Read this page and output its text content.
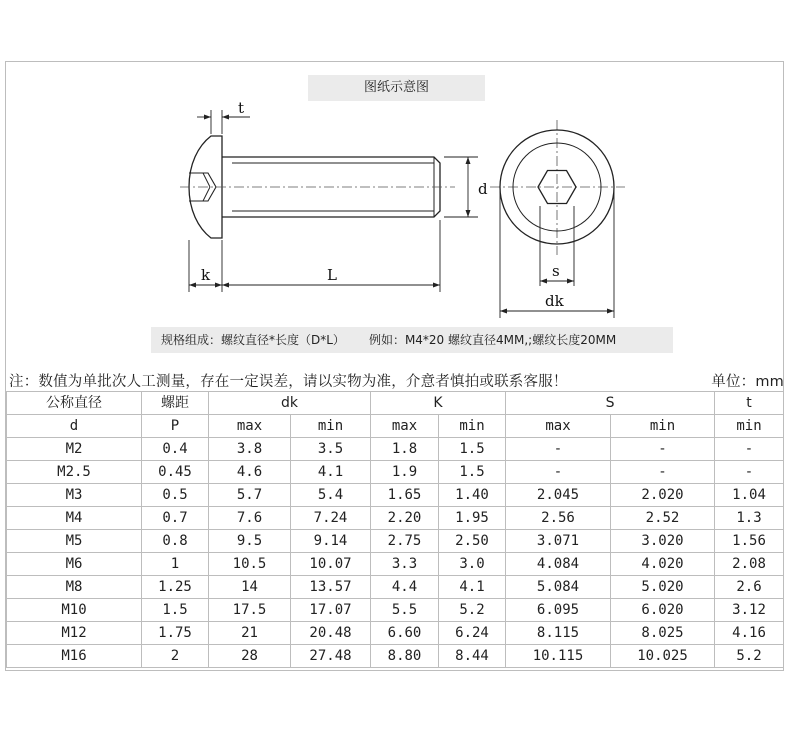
图纸示意图
t
d
k	L	s
dk
规格组成：螺纹直径*长度（D*L） 例如：M4*20 螺纹直径4MM,;螺纹长度20MM
注：数值为单批次人工测量，存在一定误差，请以实物为准，介意者慎拍或联系客服！	单位：mm
公称直径	螺距	dk		K		S		t
d	P	max	min	max	min	max	min	min
M2	0.4	3.8	3.5	1.8	1.5	-	-	-
M2.5	0.45	4.6	4.1	1.9	1.5	-	-	-
M3	0.5	5.7	5.4	1.65	1.40	2.045	2.020	1.04
M4	0.7	7.6	7.24	2.20	1.95	2.56	2.52	1.3
M5	0.8	9.5	9.14	2.75	2.50	3.071	3.020	1.56
M6	1	10.5	10.07	3.3	3.0	4.084	4.020	2.08
M8	1.25	14	13.57	4.4	4.1	5.084	5.020	2.6
M10	1.5	17.5	17.07	5.5	5.2	6.095	6.020	3.12
M12	1.75	21	20.48	6.60	6.24	8.115	8.025	4.16
M16	2	28	27.48	8.80	8.44	10.115	10.025	5.2
